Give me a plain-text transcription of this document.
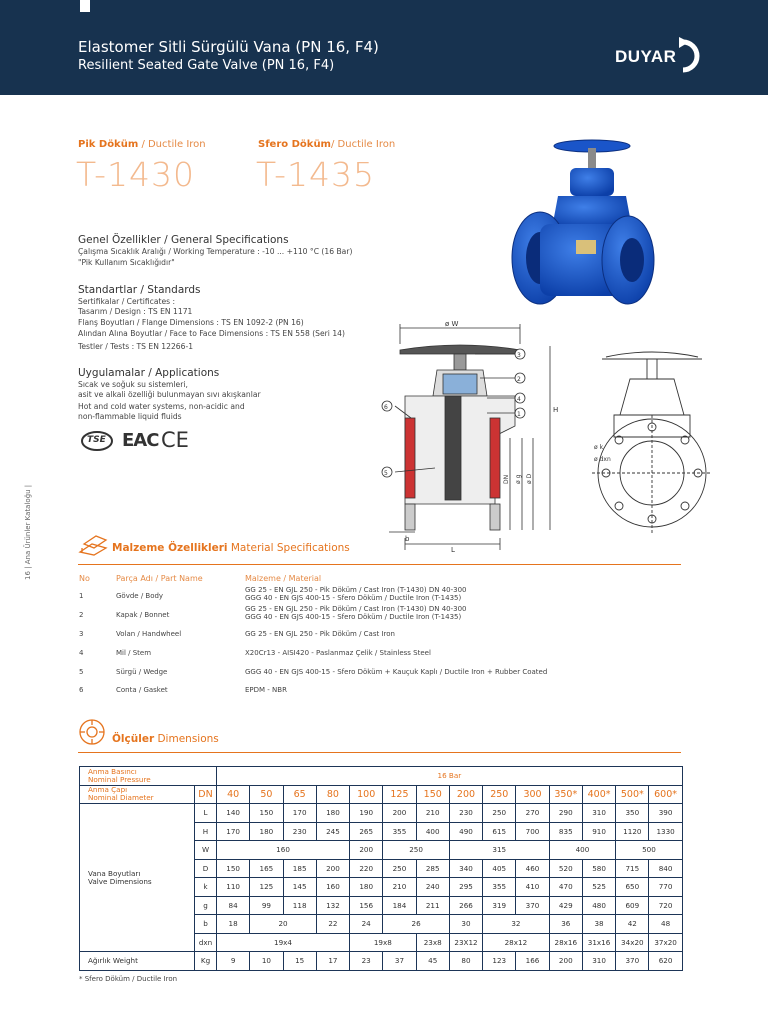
Elastomer Sitli Sürgülü Vana (PN 16, F4)
Resilient Seated Gate Valve (PN 16, F4)	DUYAR
16 | Ana Ürünler Kataloğu |
Pik Döküm / Ductile Iron
T-1430
Sfero Döküm/ Ductile Iron
T-1435
Genel Özellikler / General Specifications
Çalışma Sıcaklık Aralığı / Working Temperature : -10 ... +110 °C (16 Bar)
"Pik Kullanım Sıcaklığıdır"
Standartlar / Standards
Sertifikalar / Certificates :
Tasarım / Design : TS EN 1171
Flanş Boyutları / Flange Dimensions : TS EN 1092-2 (PN 16)
Alından Alına Boyutlar / Face to Face Dimensions : TS EN 558 (Seri 14)
Testler / Tests : TS EN 12266-1
Uygulamalar / Applications
Sıcak ve soğuk su sistemleri,
asit ve alkali özelliği bulunmayan sıvı akışkanlar
Hot and cold water systems, non-acidic and
non-flammable liquid fluids
TSE EAC CE
ø W
H
b
L
DN ø g ø D
3
2
4
1
6
5
ø k
ø dxn
Malzeme Özellikleri Material Specifications
No	Parça Adı / Part Name	Malzeme / Material
1	Gövde / Body
GG 25 - EN GJL 250 - Pik Döküm / Cast Iron (T-1430) DN 40-300
GGG 40 - EN GJS 400-15 - Sfero Döküm / Ductile Iron (T-1435)
2	Kapak / Bonnet
GG 25 - EN GJL 250 - Pik Döküm / Cast Iron (T-1430) DN 40-300
GGG 40 - EN GJS 400-15 - Sfero Döküm / Ductile Iron (T-1435)
3	Volan / Handwheel	GG 25 - EN GJL 250 - Pik Döküm / Cast Iron
4	Mil / Stem	X20Cr13 - AISI420 - Paslanmaz Çelik / Stainless Steel
5	Sürgü / Wedge	GGG 40 - EN GJS 400-15 - Sfero Döküm + Kauçuk Kaplı / Ductile Iron + Rubber Coated
6	Conta / Gasket	EPDM - NBR
Ölçüler Dimensions
Anma Basıncı
Nominal Pressure		16 Bar													
Anma Çapı
Nominal Diameter	DN	40	50	65	80	100	125	150	200	250	300	350*	400*	500*	600*
Vana Boyutları
Valve Dimensions	L	140	150	170	180	190	200	210	230	250	270	290	310	350	390
	H	170	180	230	245	265	355	400	490	615	700	835	910	1120	1330
	W	160				200	250		315			400		500	
	D	150	165	185	200	220	250	285	340	405	460	520	580	715	840
	k	110	125	145	160	180	210	240	295	355	410	470	525	650	770
	g	84	99	118	132	156	184	211	266	319	370	429	480	609	720
	b	18	20		22	24	26		30	32		36	38	42	48
	dxn	19x4				19x8		23x8	23X12	28x12		28x16	31x16	34x20	37x20
Ağırlık Weight	Kg	9	10	15	17	23	37	45	80	123	166	200	310	370	620
* Sfero Döküm / Ductile Iron
